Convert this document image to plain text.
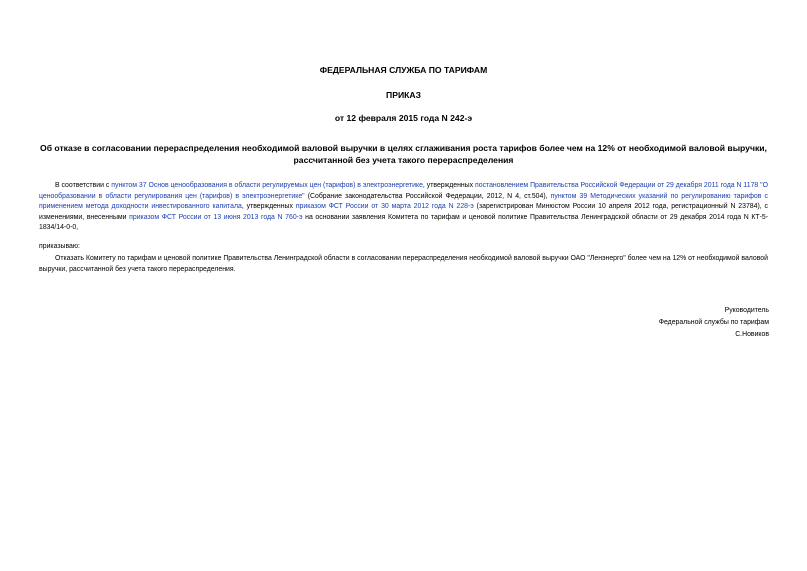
ФЕДЕРАЛЬНАЯ СЛУЖБА ПО ТАРИФАМ
ПРИКАЗ
от 12 февраля 2015 года N 242-э
Об отказе в согласовании перераспределения необходимой валовой выручки в целях сглаживания роста тарифов более чем на 12% от необходимой валовой выручки, рассчитанной без учета такого перераспределения
В соответствии с пунктом 37 Основ ценообразования в области регулируемых цен (тарифов) в электроэнергетике, утвержденных постановлением Правительства Российской Федерации от 29 декабря 2011 года N 1178 "О ценообразовании в области регулирования цен (тарифов) в электроэнергетике" (Собрание законодательства Российской Федерации, 2012, N 4, ст.504), пунктом 39 Методических указаний по регулированию тарифов с применением метода доходности инвестированного капитала, утвержденных приказом ФСТ России от 30 марта 2012 года N 228-э (зарегистрирован Минюстом России 10 апреля 2012 года, регистрационный N 23784), с изменениями, внесенными приказом ФСТ России от 13 июня 2013 года N 760-э на основании заявления Комитета по тарифам и ценовой политике Правительства Ленинградской области от 29 декабря 2014 года N КТ-5-1834/14-0-0,
приказываю:
Отказать Комитету по тарифам и ценовой политике Правительства Ленинградской области в согласовании перераспределения необходимой валовой выручки ОАО "Ленэнерго" более чем на 12% от необходимой валовой выручки, рассчитанной без учета такого перераспределения.
Руководитель
Федеральной службы по тарифам
С.Новиков
